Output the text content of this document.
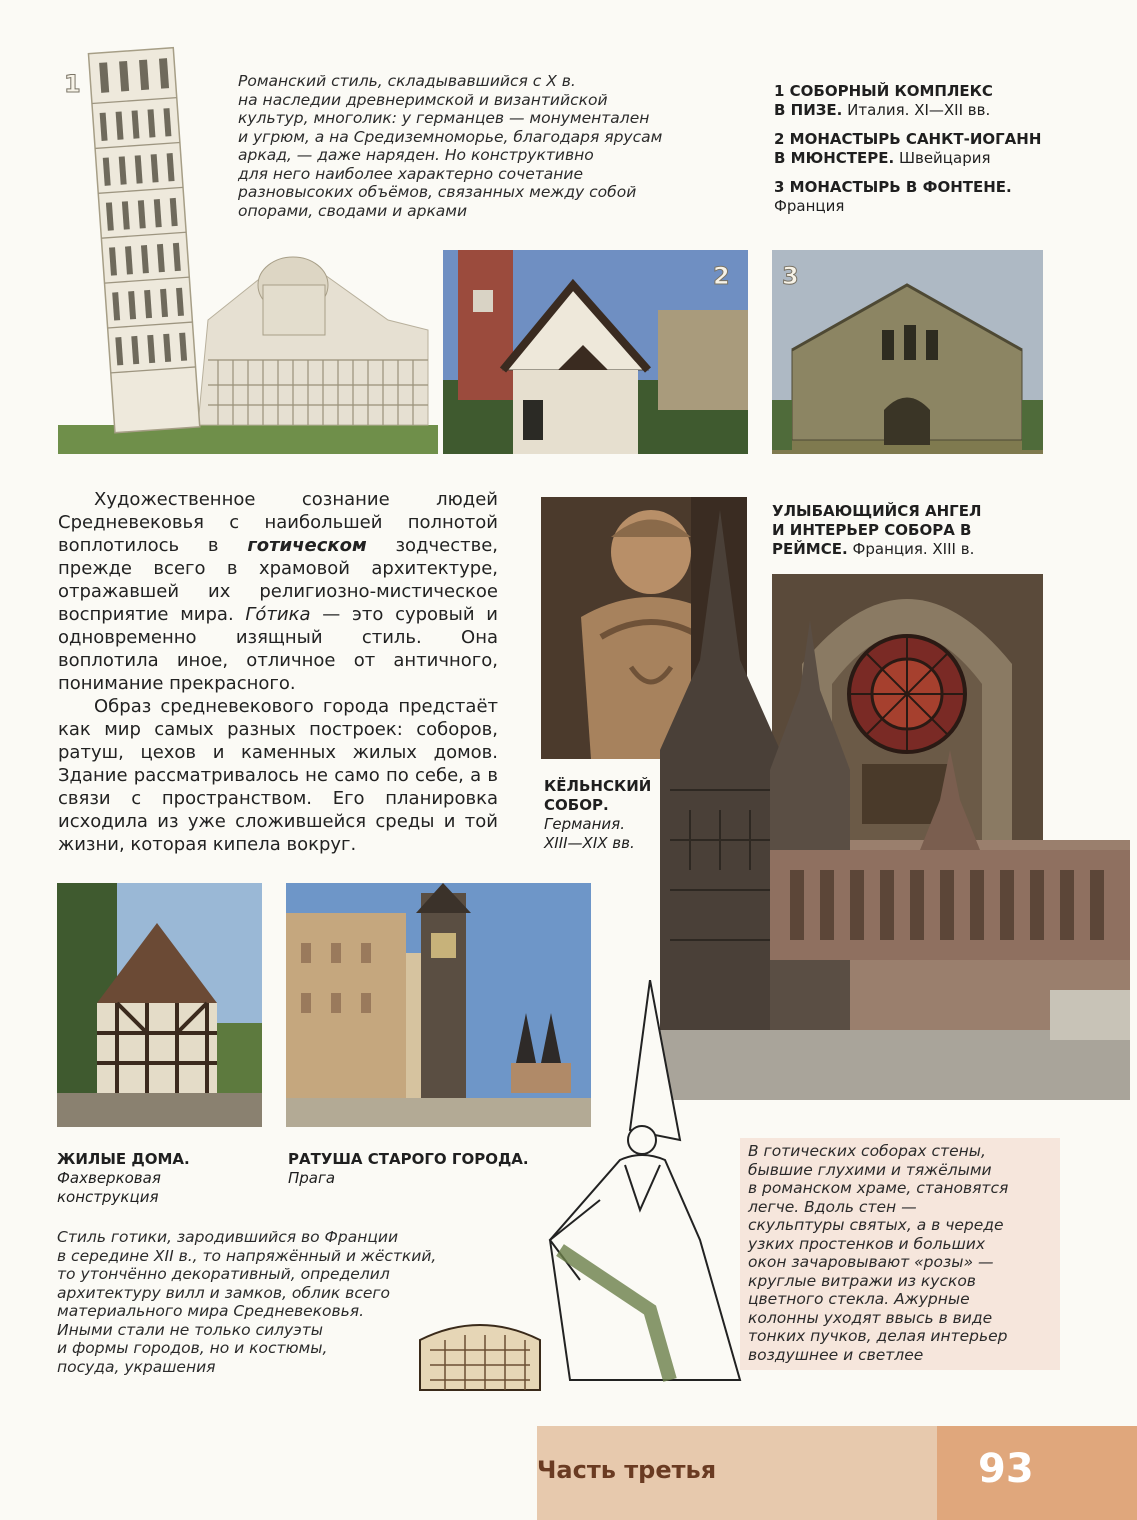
1	Романский стиль, складывавшийся с X в.
на наследии древнеримской и византийской
культур, многолик: у германцев — монументален
и угрюм, а на Средиземноморье, благодаря ярусам
аркад, — даже наряден. Но конструктивно
для него наиболее характерно сочетание
разновысоких объёмов, связанных между собой
опорами, сводами и арками
1 СОБОРНЫЙ КОМПЛЕКС
В ПИЗЕ. Италия. XI—XII вв.
2 МОНАСТЫРЬ САНКТ-ИОГАНН
В МЮНСТЕРЕ. Швейцария
3 МОНАСТЫРЬ В ФОНТЕНЕ.
Франция
2 3

Художественное сознание людей Средневековья с наибольшей полнотой воплотилось в готическом зодчестве, прежде всего в храмовой архитектуре, отражавшей их религиозно-мистическое восприятие мира. Гóтика — это суровый и одновременно изящный стиль. Она воплотила иное, отличное от античного, понимание прекрасного.

Образ средневекового города предстаёт как мир самых разных построек: соборов, ратуш, цехов и каменных жилых домов. Здание рассматривалось не само по себе, а в связи с пространством. Его планировка исходила из уже сложившейся среды и той жизни, которая кипела вокруг.

УЛЫБАЮЩИЙСЯ АНГЕЛ
И ИНТЕРЬЕР СОБОРА В
РЕЙМСЕ. Франция. XIII в.
КЁЛЬНСКИЙ
СОБОР.
Германия.
XIII—XIX вв.
ЖИЛЫЕ ДОМА.
Фахверковая
конструкция
РАТУША СТАРОГО ГОРОДА.
Прага
В готических соборах стены,
бывшие глухими и тяжёлыми
в романском храме, становятся
легче. Вдоль стен —
скульптуры святых, а в череде
узких простенков и больших
окон зачаровывают «розы» —
круглые витражи из кусков
цветного стекла. Ажурные
колонны уходят ввысь в виде
тонких пучков, делая интерьер
воздушнее и светлее
Стиль готики, зародившийся во Франции
в середине XII в., то напряжённый и жёсткий,
то утончённо декоративный, определил
архитектуру вилл и замков, облик всего
материального мира Средневековья.
Иными стали не только силуэты
и формы городов, но и костюмы,
посуда, украшения
Часть третья	93
